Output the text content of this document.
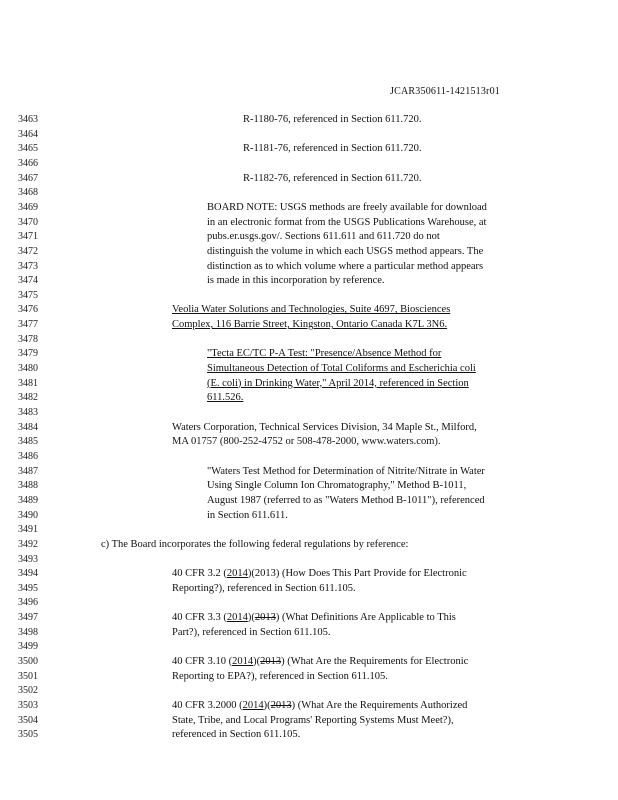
JCAR350611-1421513r01
3463	R-1180-76, referenced in Section 611.720.
3464
3465	R-1181-76, referenced in Section 611.720.
3466
3467	R-1182-76, referenced in Section 611.720.
3468
3469	BOARD NOTE: USGS methods are freely available for download
3470	in an electronic format from the USGS Publications Warehouse, at
3471	pubs.er.usgs.gov/. Sections 611.611 and 611.720 do not
3472	distinguish the volume in which each USGS method appears. The
3473	distinction as to which volume where a particular method appears
3474	is made in this incorporation by reference.
3475
3476	Veolia Water Solutions and Technologies, Suite 4697, Biosciences
3477	Complex, 116 Barrie Street, Kingston, Ontario Canada K7L 3N6.
3478
3479	"Tecta EC/TC P-A Test: "Presence/Absence Method for
3480	Simultaneous Detection of Total Coliforms and Escherichia coli
3481	(E. coli) in Drinking Water," April 2014, referenced in Section
3482	611.526.
3483
3484	Waters Corporation, Technical Services Division, 34 Maple St., Milford,
3485	MA 01757 (800-252-4752 or 508-478-2000, www.waters.com).
3486
3487	"Waters Test Method for Determination of Nitrite/Nitrate in Water
3488	Using Single Column Ion Chromatography," Method B-1011,
3489	August 1987 (referred to as "Waters Method B-1011"), referenced
3490	in Section 611.611.
3491
3492	c) The Board incorporates the following federal regulations by reference:
3493
3494	40 CFR 3.2 (2014)(2013) (How Does This Part Provide for Electronic
3495	Reporting?), referenced in Section 611.105.
3496
3497	40 CFR 3.3 (2014)(2013) (What Definitions Are Applicable to This
3498	Part?), referenced in Section 611.105.
3499
3500	40 CFR 3.10 (2014)(2013) (What Are the Requirements for Electronic
3501	Reporting to EPA?), referenced in Section 611.105.
3502
3503	40 CFR 3.2000 (2014)(2013) (What Are the Requirements Authorized
3504	State, Tribe, and Local Programs' Reporting Systems Must Meet?),
3505	referenced in Section 611.105.
